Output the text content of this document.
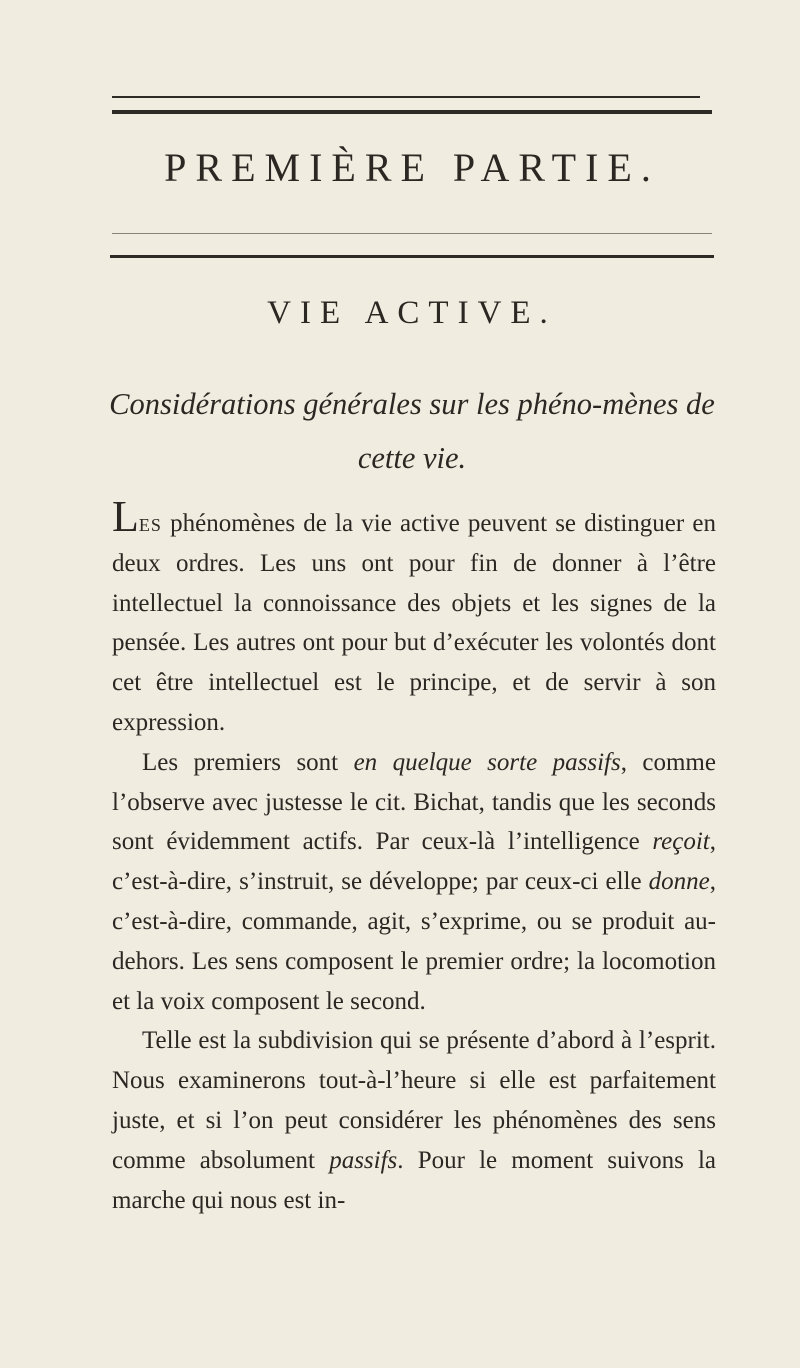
PREMIÈRE PARTIE.
VIE ACTIVE.
Considérations générales sur les phéno-mènes de cette vie.

Les phénomènes de la vie active peuvent se distinguer en deux ordres. Les uns ont pour fin de donner à l’être intellectuel la connoissance des objets et les signes de la pensée. Les autres ont pour but d’exécuter les volontés dont cet être intellectuel est le principe, et de servir à son expression.

Les premiers sont en quelque sorte passifs, comme l’observe avec justesse le cit. Bichat, tandis que les seconds sont évidemment actifs. Par ceux-là l’intelligence reçoit, c’est-à-dire, s’instruit, se développe; par ceux-ci elle donne, c’est-à-dire, commande, agit, s’exprime, ou se produit au-dehors. Les sens composent le premier ordre; la locomotion et la voix composent le second.

Telle est la subdivision qui se présente d’abord à l’esprit. Nous examinerons tout-à-l’heure si elle est parfaitement juste, et si l’on peut considérer les phénomènes des sens comme absolument passifs. Pour le moment suivons la marche qui nous est in-
